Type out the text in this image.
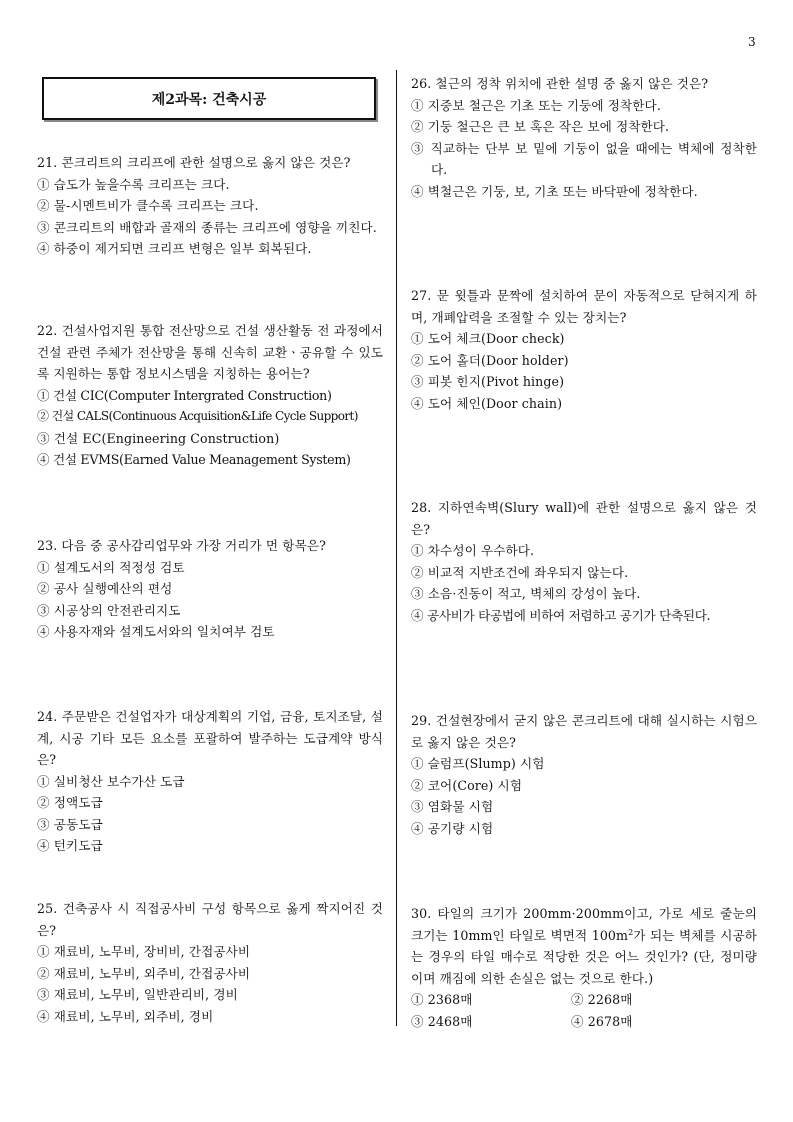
3
제2과목: 건축시공
21. 콘크리트의 크리프에 관한 설명으로 옳지 않은 것은?
① 습도가 높을수록 크리프는 크다.
② 물-시멘트비가 클수록 크리프는 크다.
③ 콘크리트의 배합과 골재의 종류는 크리프에 영향을 끼친다.
④ 하중이 제거되면 크리프 변형은 일부 회복된다.
22. 건설사업지원 통합 전산망으로 건설 생산활동 전 과정에서 건설 관련 주체가 전산망을 통해 신속히 교환ㆍ공유할 수 있도록 지원하는 통합 정보시스템을 지칭하는 용어는?
① 건설 CIC(Computer Intergrated Construction)
② 건설 CALS(Continuous Acquisition&Life Cycle Support)
③ 건설 EC(Engineering Construction)
④ 건설 EVMS(Earned Value Meanagement System)
23. 다음 중 공사감리업무와 가장 거리가 먼 항목은?
① 설계도서의 적정성 검토
② 공사 실행예산의 편성
③ 시공상의 안전관리지도
④ 사용자재와 설계도서와의 일치여부 검토
24. 주문받은 건설업자가 대상계획의 기업, 금융, 토지조달, 설계, 시공 기타 모든 요소를 포괄하여 발주하는 도급계약 방식은?
① 실비청산 보수가산 도급
② 정액도급
③ 공동도급
④ 턴키도급
25. 건축공사 시 직접공사비 구성 항목으로 옳게 짝지어진 것은?
① 재료비, 노무비, 장비비, 간접공사비
② 재료비, 노무비, 외주비, 간접공사비
③ 재료비, 노무비, 일반관리비, 경비
④ 재료비, 노무비, 외주비, 경비
26. 철근의 정착 위치에 관한 설명 중 옳지 않은 것은?
① 지중보 철근은 기초 또는 기둥에 정착한다.
② 기둥 철근은 큰 보 혹은 작은 보에 정착한다.
③ 직교하는 단부 보 밑에 기둥이 없을 때에는 벽체에 정착한다.
④ 벽철근은 기둥, 보, 기초 또는 바닥판에 정착한다.
27. 문 윗틀과 문짝에 설치하여 문이 자동적으로 닫혀지게 하며, 개폐압력을 조절할 수 있는 장치는?
① 도어 체크(Door check)
② 도어 홀더(Door holder)
③ 피봇 힌지(Pivot hinge)
④ 도어 체인(Door chain)
28. 지하연속벽(Slury wall)에 관한 설명으로 옳지 않은 것은?
① 차수성이 우수하다.
② 비교적 지반조건에 좌우되지 않는다.
③ 소음·진동이 적고, 벽체의 강성이 높다.
④ 공사비가 타공법에 비하여 저렴하고 공기가 단축된다.
29. 건설현장에서 굳지 않은 콘크리트에 대해 실시하는 시험으로 옳지 않은 것은?
① 슬럼프(Slump) 시험
② 코어(Core) 시험
③ 염화물 시험
④ 공기량 시험
30. 타일의 크기가 200mm·200mm이고, 가로 세로 줄눈의 크기는 10mm인 타일로 벽면적 $100m^2$가 되는 벽체를 시공하는 경우의 타일 매수로 적당한 것은 어느 것인가? (단, 정미량이며 깨짐에 의한 손실은 없는 것으로 한다.)
① 2368매	② 2268매
③ 2468매	④ 2678매
